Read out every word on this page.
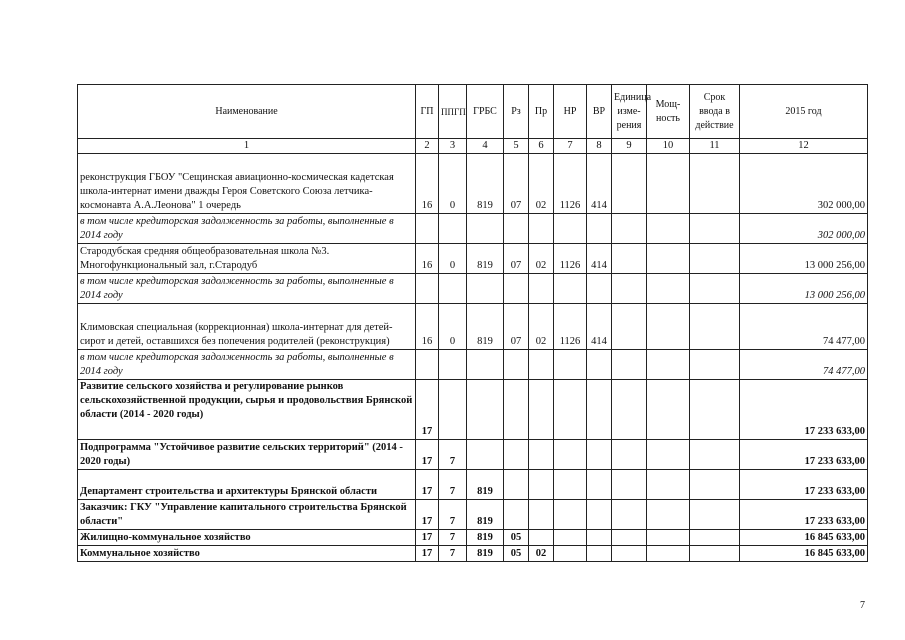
Наименование	ГП	ППГП	ГРБС	Рз	Пр	НР	ВР	Единица изме-рения	Мощ-ность	Срок ввода в действие	2015 год
1	2	3	4	5	6	7	8	9	10	11	12
реконструкция ГБОУ "Сещинская авиационно-космическая кадетская школа-интернат имени дважды Героя Советского Союза летчика-космонавта А.А.Леонова" 1 очередь	16	0	819	07	02	1126	414				302 000,00
в том числе кредиторская задолженность за работы, выполненные в 2014 году											302 000,00
Стародубская средняя общеобразовательная школа №3. Многофункциональный зал, г.Стародуб	16	0	819	07	02	1126	414				13 000 256,00
в том числе кредиторская задолженность за работы, выполненные в 2014 году											13 000 256,00
Климовская специальная (коррекционная) школа-интернат для детей-сирот и детей, оставшихся без попечения родителей (реконструкция)	16	0	819	07	02	1126	414				74 477,00
в том числе кредиторская задолженность за работы, выполненные в 2014 году											74 477,00
Развитие сельского хозяйства и регулирование рынков сельскохозяйственной продукции, сырья и продовольствия Брянской области (2014 - 2020 годы)	17										17 233 633,00
Подпрограмма "Устойчивое развитие сельских территорий" (2014 - 2020 годы)	17	7									17 233 633,00
Департамент строительства и архитектуры Брянской области	17	7	819								17 233 633,00
Заказчик: ГКУ "Управление капитального строительства Брянской области"	17	7	819								17 233 633,00
Жилищно-коммунальное хозяйство	17	7	819	05							16 845 633,00
Коммунальное хозяйство	17	7	819	05	02						16 845 633,00
7
